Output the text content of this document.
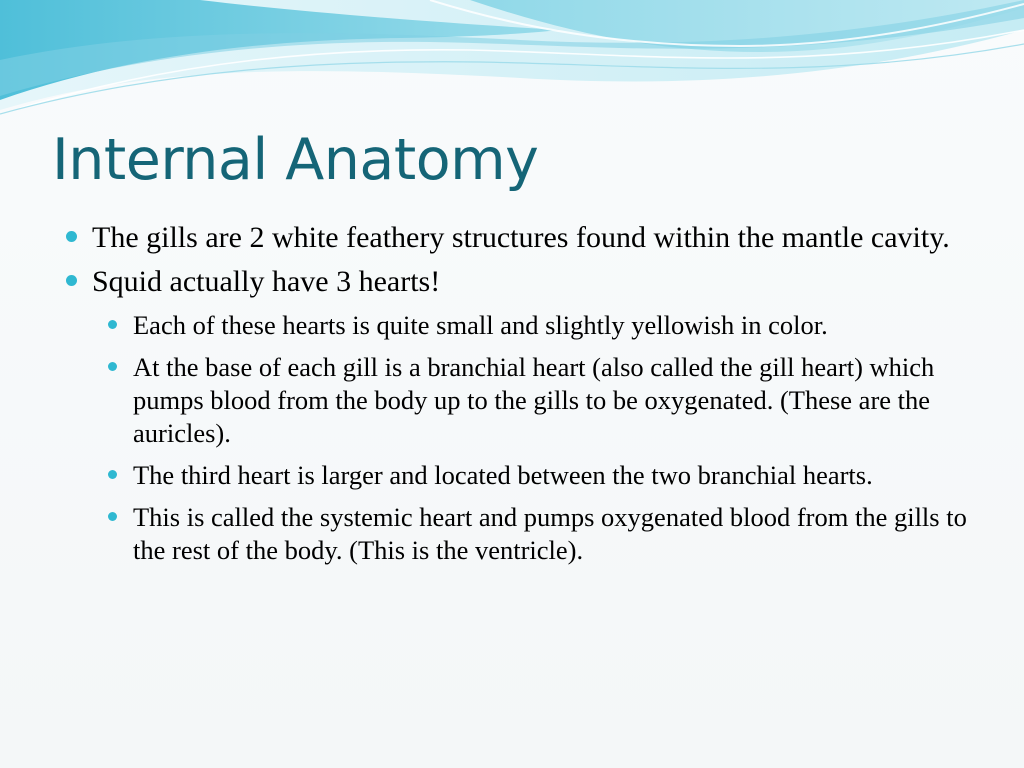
Internal Anatomy
The gills are 2 white feathery structures found within the mantle cavity.
Squid actually have 3 hearts!
Each of these hearts is quite small and slightly yellowish in color.
At the base of each gill is a branchial heart (also called the gill heart) which pumps blood from the body up to the gills to be oxygenated. (These are the auricles).
The third heart is larger and located between the two branchial hearts.
This is called the systemic heart and pumps oxygenated blood from the gills to the rest of the body. (This is the ventricle).
